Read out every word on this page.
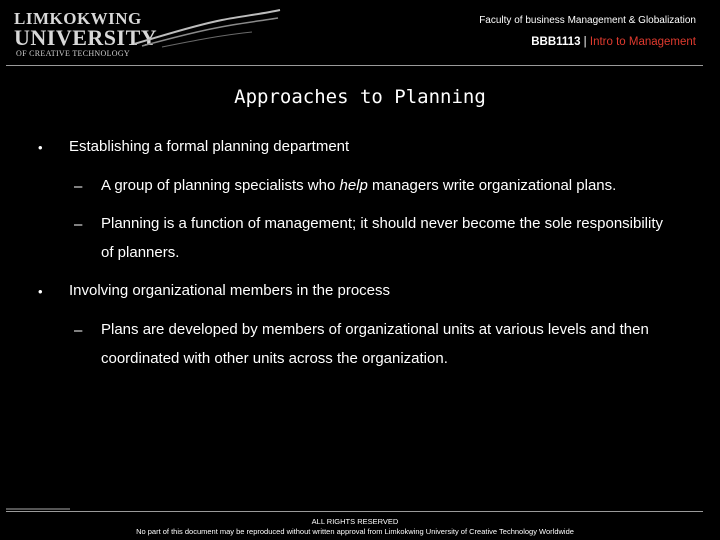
LIMKOKWING
UNIVERSITY
OF CREATIVE TECHNOLOGY
Faculty of business Management & Globalization
BBB1113 | Intro to Management
Approaches to Planning
• Establishing a formal planning department
– A group of planning specialists who help managers write organizational plans.
– Planning is a function of management; it should never become the sole responsibility of planners.
• Involving organizational members in the process
– Plans are developed by members of organizational units at various levels and then coordinated with other units across the organization.
ALL RIGHTS RESERVED
No part of this document may be reproduced without written approval from Limkokwing University of Creative Technology Worldwide
